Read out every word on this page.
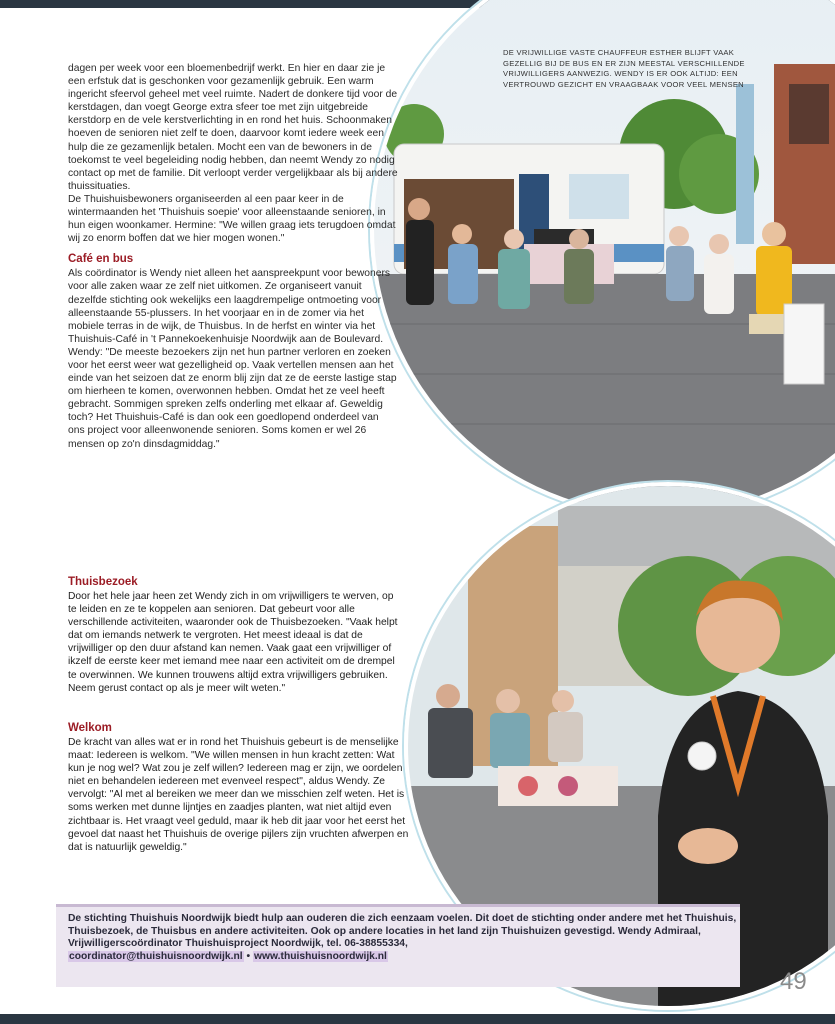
DE VRIJWILLIGE VASTE CHAUFFEUR ESTHER BLIJFT VAAK GEZELLIG BIJ DE BUS EN ER ZIJN MEESTAL VERSCHILLENDE VRIJWILLIGERS AANWEZIG. WENDY IS ER OOK ALTIJD: EEN VERTROUWD GEZICHT EN VRAAGBAAK VOOR VEEL MENSEN

dagen per week voor een bloemenbedrijf werkt. En hier en daar zie je een erfstuk dat is geschonken voor gezamenlijk gebruik. Een warm ingericht sfeervol geheel met veel ruimte. Nadert de donkere tijd voor de kerstdagen, dan voegt George extra sfeer toe met zijn uitgebreide kerstdorp en de vele kerstverlichting in en rond het huis. Schoonmaken hoeven de senioren niet zelf te doen, daarvoor komt iedere week een hulp die ze gezamenlijk betalen. Mocht een van de bewoners in de toekomst te veel begeleiding nodig hebben, dan neemt Wendy zo nodig contact op met de familie. Dit verloopt verder vergelijkbaar als bij andere thuissituaties.

De Thuishuisbewoners organiseerden al een paar keer in de wintermaanden het 'Thuishuis soepie' voor alleenstaande senioren, in hun eigen woonkamer. Hermine: "We willen graag iets terugdoen omdat wij zo enorm boffen dat we hier mogen wonen."

Café en bus

Als coördinator is Wendy niet alleen het aanspreekpunt voor bewoners voor alle zaken waar ze zelf niet uitkomen. Ze organiseert vanuit dezelfde stichting ook wekelijks een laagdrempelige ontmoeting voor alleenstaande 55-plussers. In het voorjaar en in de zomer via het mobiele terras in de wijk, de Thuisbus. In de herfst en winter via het Thuishuis-Café in 't Pannekoekenhuisje Noordwijk aan de Boulevard. Wendy: "De meeste bezoekers zijn net hun partner verloren en zoeken voor het eerst weer wat gezelligheid op. Vaak vertellen mensen aan het einde van het seizoen dat ze enorm blij zijn dat ze de eerste lastige stap om hierheen te komen, overwonnen hebben. Omdat het ze veel heeft gebracht. Sommigen spreken zelfs onderling met elkaar af. Geweldig toch? Het Thuishuis-Café is dan ook een goedlopend onderdeel van ons project voor alleenwonende senioren. Soms komen er wel 26 mensen op zo'n dinsdagmiddag."

Thuisbezoek

Door het hele jaar heen zet Wendy zich in om vrijwilligers te werven, op te leiden en ze te koppelen aan senioren. Dat gebeurt voor alle verschillende activiteiten, waaronder ook de Thuisbezoeken. "Vaak helpt dat om iemands netwerk te vergroten. Het meest ideaal is dat de vrijwilliger op den duur afstand kan nemen. Vaak gaat een vrijwilliger of ikzelf de eerste keer met iemand mee naar een activiteit om de drempel te overwinnen. We kunnen trouwens altijd extra vrijwilligers gebruiken. Neem gerust contact op als je meer wilt weten."

Welkom

De kracht van alles wat er in rond het Thuishuis gebeurt is de menselijke maat: Iedereen is welkom. "We willen mensen in hun kracht zetten: Wat kun je nog wel? Wat zou je zelf willen? Iedereen mag er zijn, we oordelen niet en behandelen iedereen met evenveel respect", aldus Wendy. Ze vervolgt: "Al met al bereiken we meer dan we misschien zelf weten. Het is soms werken met dunne lijntjes en zaadjes planten, wat niet altijd even zichtbaar is. Het vraagt veel geduld, maar ik heb dit jaar voor het eerst het gevoel dat naast het Thuishuis de overige pijlers zijn vruchten afwerpen en dat is natuurlijk geweldig."

De stichting Thuishuis Noordwijk biedt hulp aan ouderen die zich eenzaam voelen. Dit doet de stichting onder andere met het Thuishuis, Thuisbezoek, de Thuisbus en andere activiteiten. Ook op andere locaties in het land zijn Thuishuizen gevestigd. Wendy Admiraal, Vrijwilligerscoördinator Thuishuisproject Noordwijk, tel. 06-38855334,
coordinator@thuishuisnoordwijk.nl • www.thuishuisnoordwijk.nl
49
